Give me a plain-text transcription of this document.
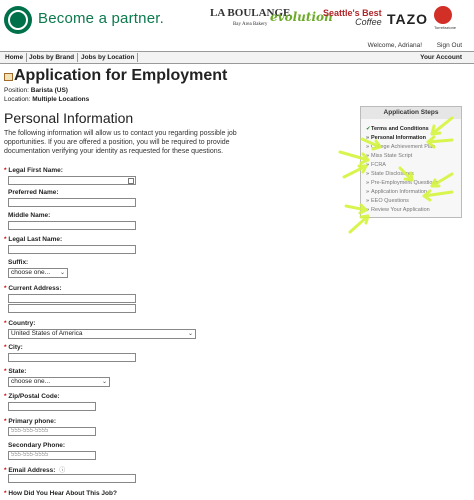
Become a partner.	LA BOULANGE
Bay Area Bakery
evolution
Seattle's Best
Coffee TAZO
Torrefazione
Welcome, Adriana! Sign Out
Home Jobs by Brand	Jobs by Location	Your Account
Application for Employment
Position: Barista (US)
Location: Multiple Locations
Personal Information

The following information will allow us to contact you regarding possible job opportunities. If you are offered a position, you will be required to provide documentation verifying your identity as requested for these questions.

* Legal First Name:
Preferred Name:
Middle Name:
* Legal Last Name:
Suffix:
choose one... ⌄
* Current Address:
* Country:
United States of America	⌄
* City:
* State:
choose one...	⌄
* Zip/Postal Code:
* Primary phone:
555-555-5555
Secondary Phone:
555-555-5555
* Email Address: ⓘ
* How Did You Hear About This Job?
Application Steps
✔Terms and Conditions
» Personal Information
» College Achievement Plan
» Miss State Script
» FCRA
» State Disclosures
» Pre-Employment Questions
» Application Information
» EEO Questions
» Review Your Application
